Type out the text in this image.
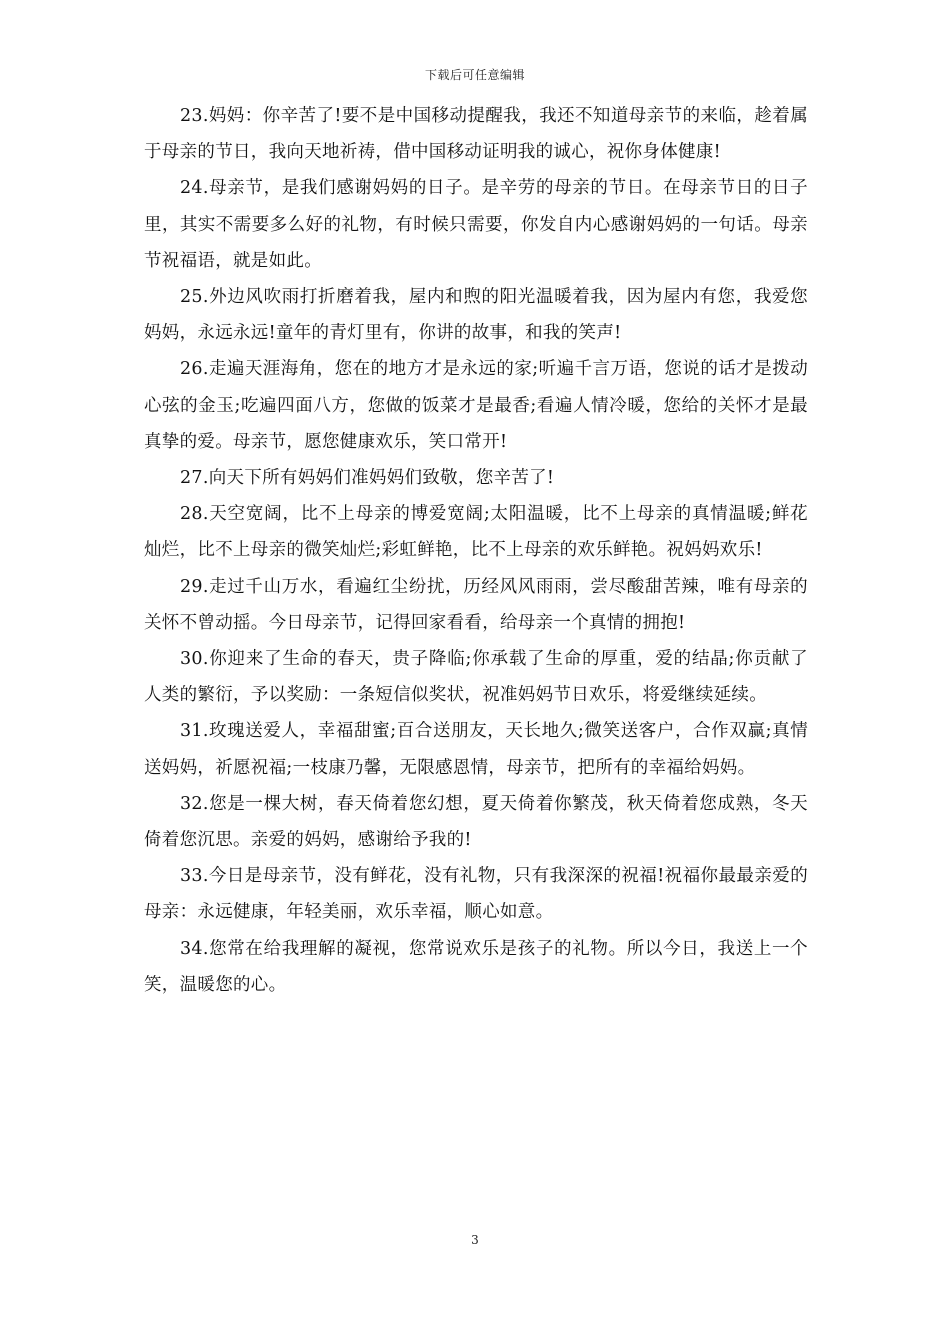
下载后可任意编辑

23.妈妈：你辛苦了!要不是中国移动提醒我，我还不知道母亲节的来临，趁着属于母亲的节日，我向天地祈祷，借中国移动证明我的诚心，祝你身体健康!

24.母亲节，是我们感谢妈妈的日子。是辛劳的母亲的节日。在母亲节日的日子里，其实不需要多么好的礼物，有时候只需要，你发自内心感谢妈妈的一句话。母亲节祝福语，就是如此。

25.外边风吹雨打折磨着我，屋内和煦的阳光温暖着我，因为屋内有您，我爱您妈妈，永远永远!童年的青灯里有，你讲的故事，和我的笑声!

26.走遍天涯海角，您在的地方才是永远的家;听遍千言万语，您说的话才是拨动心弦的金玉;吃遍四面八方，您做的饭菜才是最香;看遍人情冷暖，您给的关怀才是最真挚的爱。母亲节，愿您健康欢乐，笑口常开!

27.向天下所有妈妈们准妈妈们致敬，您辛苦了!

28.天空宽阔，比不上母亲的博爱宽阔;太阳温暖，比不上母亲的真情温暖;鲜花灿烂，比不上母亲的微笑灿烂;彩虹鲜艳，比不上母亲的欢乐鲜艳。祝妈妈欢乐!

29.走过千山万水，看遍红尘纷扰，历经风风雨雨，尝尽酸甜苦辣，唯有母亲的关怀不曾动摇。今日母亲节，记得回家看看，给母亲一个真情的拥抱!

30.你迎来了生命的春天，贵子降临;你承载了生命的厚重，爱的结晶;你贡献了人类的繁衍，予以奖励：一条短信似奖状，祝准妈妈节日欢乐，将爱继续延续。

31.玫瑰送爱人，幸福甜蜜;百合送朋友，天长地久;微笑送客户，合作双赢;真情送妈妈，祈愿祝福;一枝康乃馨，无限感恩情，母亲节，把所有的幸福给妈妈。

32.您是一棵大树，春天倚着您幻想，夏天倚着你繁茂，秋天倚着您成熟，冬天倚着您沉思。亲爱的妈妈，感谢给予我的!

33.今日是母亲节，没有鲜花，没有礼物，只有我深深的祝福!祝福你最最亲爱的母亲：永远健康，年轻美丽，欢乐幸福，顺心如意。

34.您常在给我理解的凝视，您常说欢乐是孩子的礼物。所以今日，我送上一个笑，温暖您的心。

3
